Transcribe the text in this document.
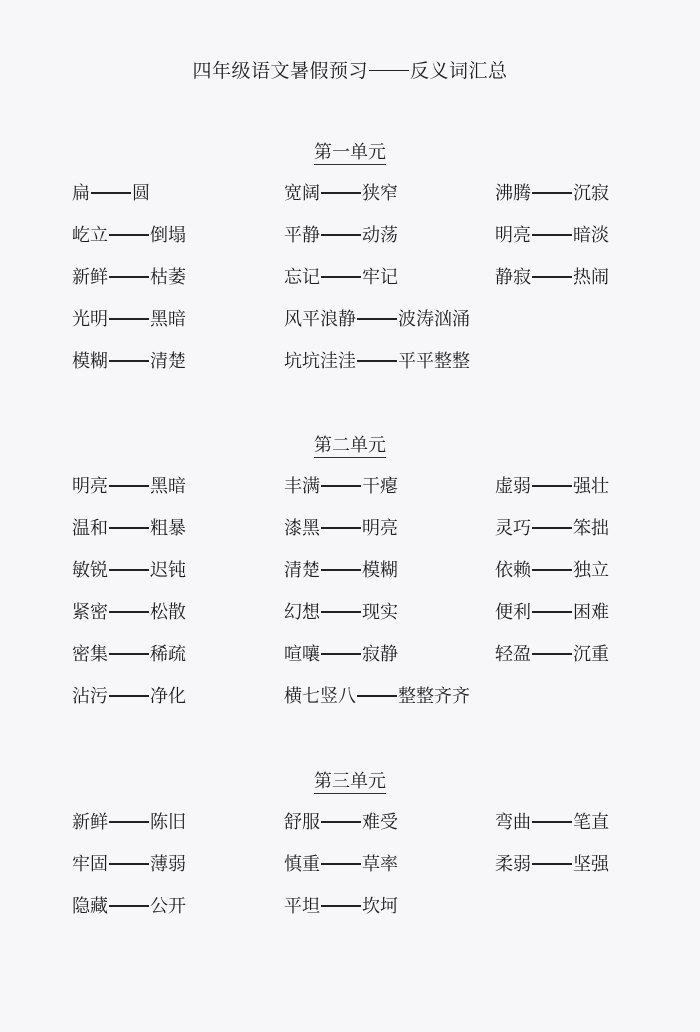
四年级语文暑假预习 反义词汇总
第一单元
扁 圆	宽阔 狭窄	沸腾 沉寂
屹立 倒塌	平静 动荡	明亮 暗淡
新鲜 枯萎	忘记 牢记	静寂 热闹
光明 黑暗	风平浪静 波涛汹涌
模糊 清楚	坑坑洼洼 平平整整
第二单元
明亮 黑暗	丰满 干瘪	虚弱 强壮
温和 粗暴	漆黑 明亮	灵巧 笨拙
敏锐 迟钝	清楚 模糊	依赖 独立
紧密 松散	幻想 现实	便利 困难
密集 稀疏	喧嚷 寂静	轻盈 沉重
沾污 净化	横七竖八 整整齐齐
第三单元
新鲜 陈旧	舒服 难受	弯曲 笔直
牢固 薄弱	慎重 草率	柔弱 坚强
隐藏 公开	平坦 坎坷
